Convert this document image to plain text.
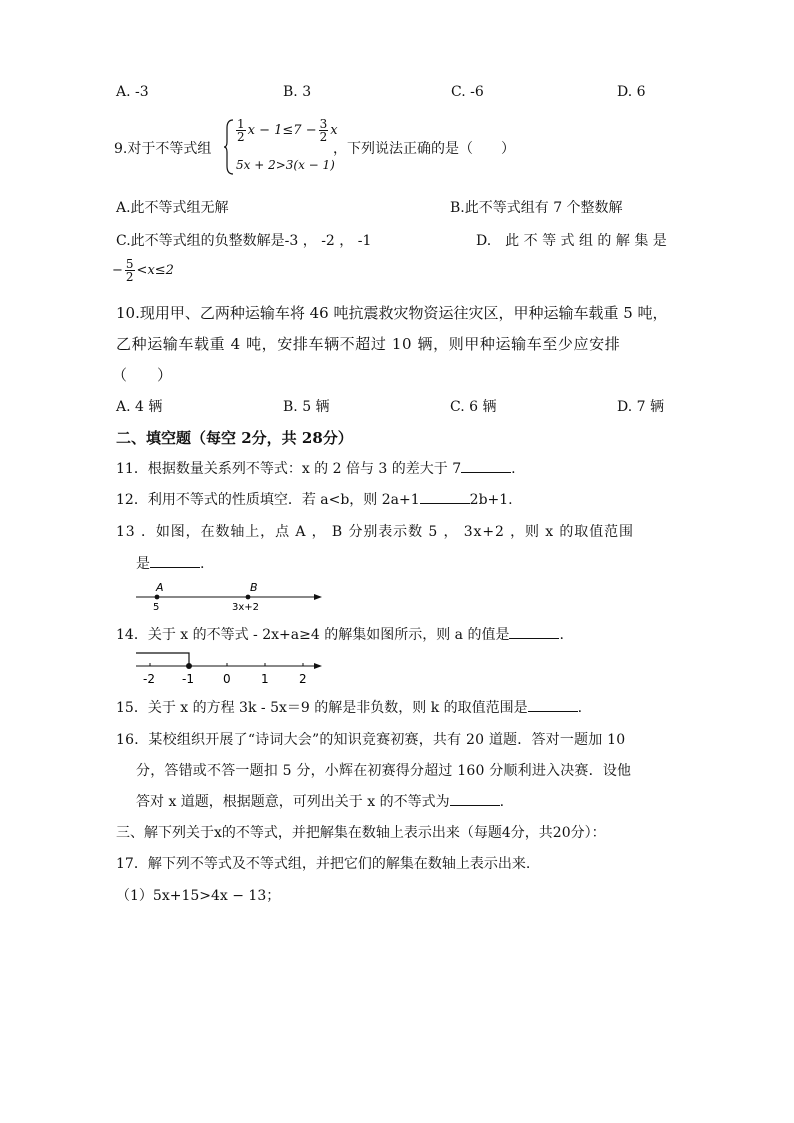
A. -3	B. 3	C. -6	D. 6
9.对于不等式组
$\frac{1}{2}$ $x - 1\le 7 - \frac{3}{2}$ x
5x + 2>3(x − 1)
，下列说法正确的是（　　）
A.此不等式组无解	B.此不等式组有 7 个整数解
C.此不等式组的负整数解是-3 ， -2 ， -1	D.　此 不 等 式 组 的 解 集 是
− $\frac{5}{2} <x\le 2$
10.现用甲、乙两种运输车将 46 吨抗震救灾物资运往灾区，甲种运输车载重 5 吨，
乙种运输车载重 4 吨，安排车辆不超过 10 辆，则甲种运输车至少应安排
（　　）
A. 4 辆	B. 5 辆	C. 6 辆	D. 7 辆
二、填空题（每空 2分，共 28分）
11．根据数量关系列不等式：x 的 2 倍与 3 的差大于 7	.
12．利用不等式的性质填空．若 a<b，则 2a+1	2b+1.
13 ．如图，在数轴上，点 A ， B 分别表示数 5 ， 3x+2 ，则 x 的取值范围
是	.
A	B
5	3x+2
14．关于 x 的不等式 - 2x+a≥4 的解集如图所示，则 a 的值是	.
-2 -1 0	1	2
15．关于 x 的方程 3k - 5x＝9 的解是非负数，则 k 的取值范围是	.
16．某校组织开展了“诗词大会”的知识竞赛初赛，共有 20 道题．答对一题加 10
分，答错或不答一题扣 5 分，小辉在初赛得分超过 160 分顺利进入决赛．设他
答对 x 道题，根据题意，可列出关于 x 的不等式为	.
三、解下列关于x的不等式，并把解集在数轴上表示出来（每题4分，共20分）：
17．解下列不等式及不等式组，并把它们的解集在数轴上表示出来.
（1）5x+15>4x − 13；
